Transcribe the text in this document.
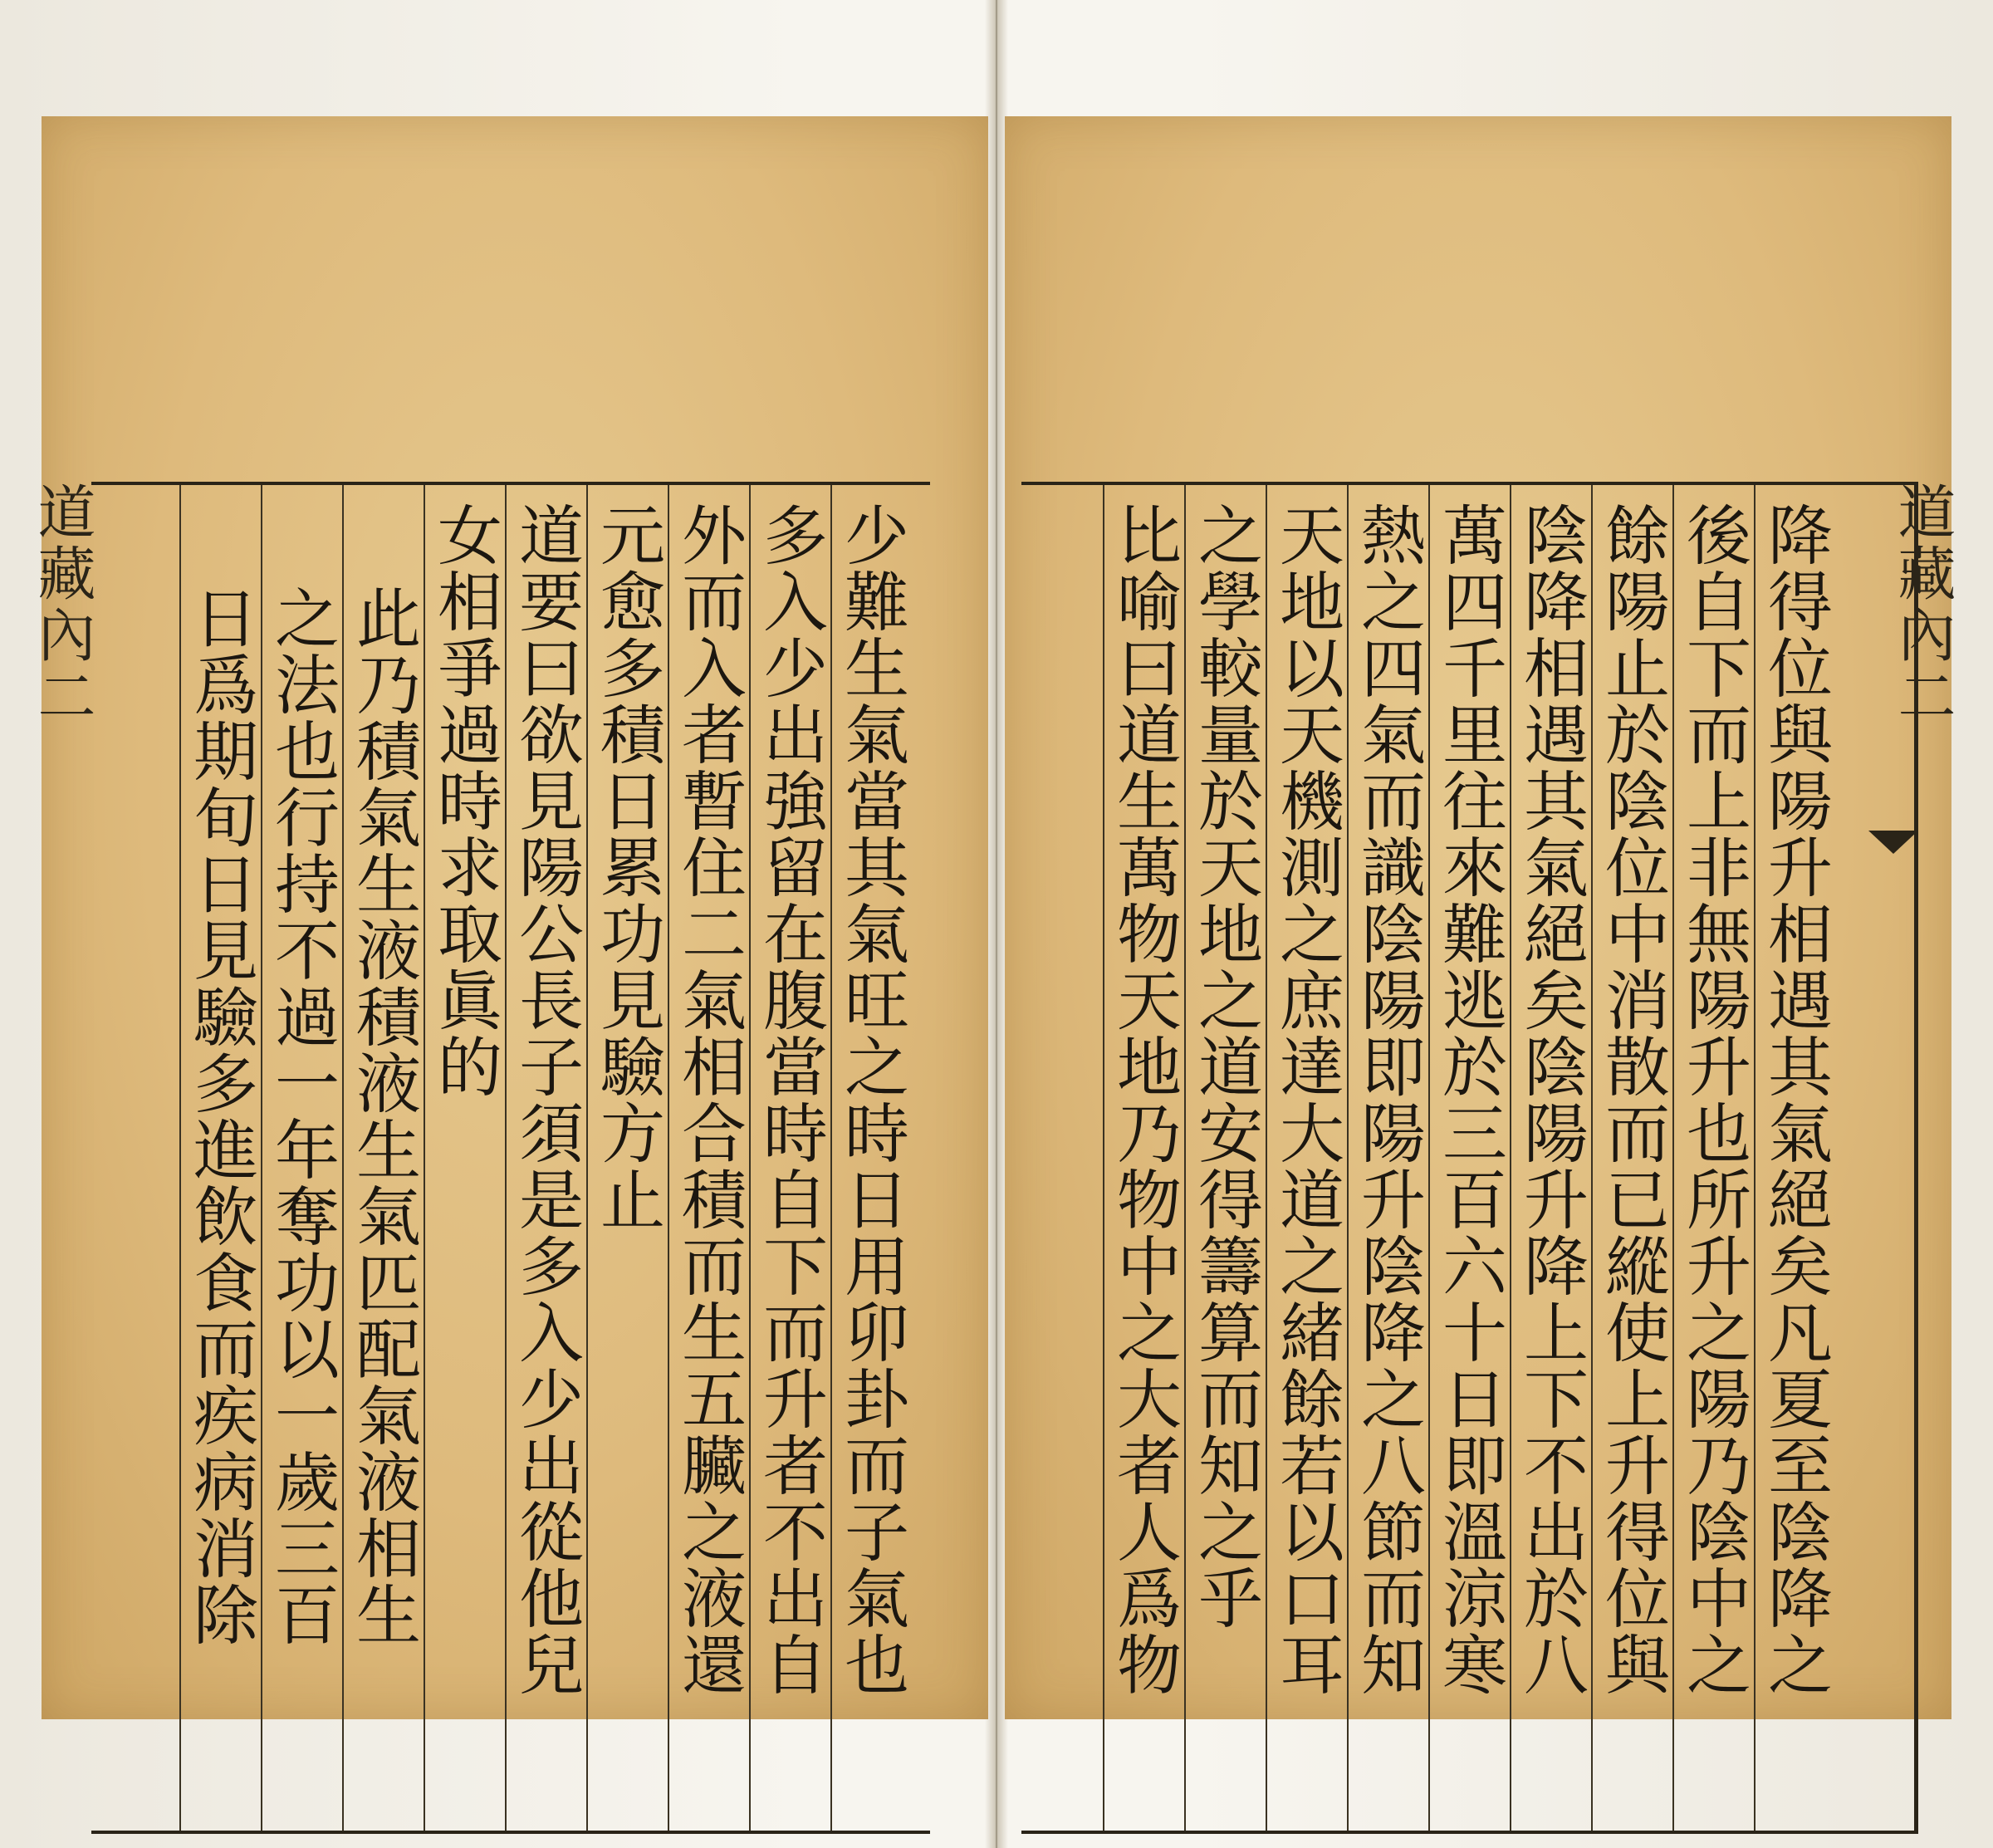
道藏內二	少難生氣當其氣旺之時日用卯卦而子氣也
多入少出強留在腹當時自下而升者不出自
外而入者暫住二氣相合積而生五臟之液還
元愈多積日累功見驗方止
道要曰欲見陽公長子須是多入少出從他兒
女相爭過時求取眞的
此乃積氣生液積液生氣匹配氣液相生
之法也行持不過一年奪功以一歲三百
日爲期旬日見驗多進飲食而疾病消除	道藏內二
降得位與陽升相遇其氣絕矣凡夏至陰降之
後自下而上非無陽升也所升之陽乃陰中之
餘陽止於陰位中消散而已縱使上升得位與
陰降相遇其氣絕矣陰陽升降上下不出於八
萬四千里往來難逃於三百六十日即溫涼寒
熱之四氣而識陰陽即陽升陰降之八節而知
天地以天機測之庶達大道之緒餘若以口耳
之學較量於天地之道安得籌算而知之乎
比喻曰道生萬物天地乃物中之大者人爲物
